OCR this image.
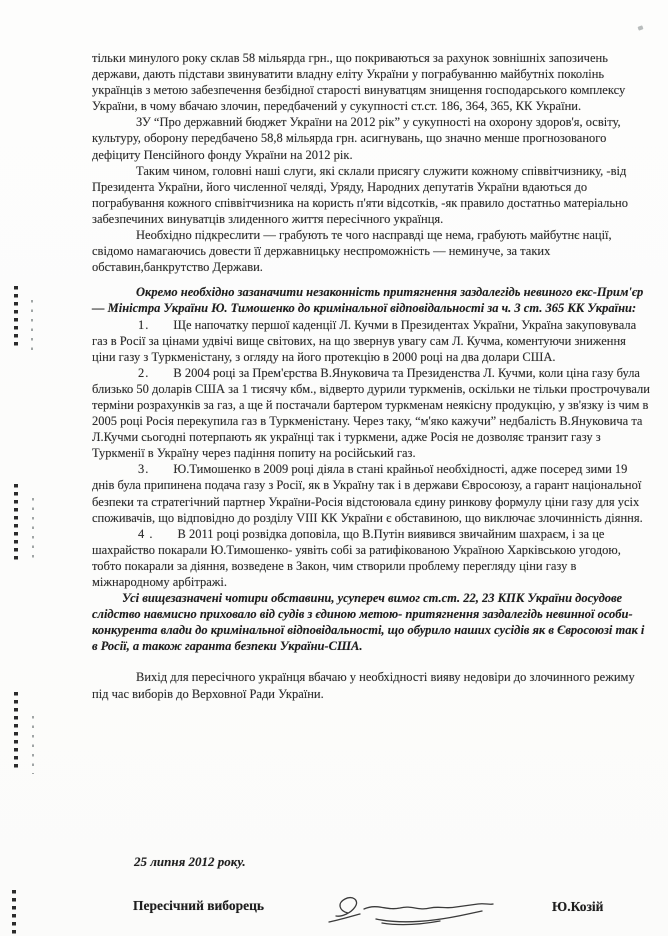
тільки минулого року склав 58 мільярда грн., що покриваються за рахунок зовнішніх запозичень держави, дають підстави звинуватити владну еліту України у пограбуванню майбутніх поколінь українців з метою забезпечення безбідної старості винуватцям знищення господарського комплексу України, в чому вбачаю злочин, передбачений у сукупності ст.ст. 186, 364, 365, КК України.

ЗУ “Про державний бюджет України на 2012 рік” у сукупності на охорону здоров'я, освіту, культуру, оборону передбачено 58,8 мільярда грн. асигнувань, що значно менше прогнозованого дефіциту Пенсійного фонду України на 2012 рік.

Таким чином, головні наші слуги, які склали присягу служити кожному співвітчизнику, -від Президента України, його численної челяді, Уряду, Народних депутатів України вдаються до пограбування кожного співвітчизника на користь п'яти відсотків, -як правило достатньо матеріально забезпечиних винуватців злиденного життя пересічного українця.

Необхідно підкреслити — грабують те чого насправді ще нема, грабують майбутнє нації, свідомо намагаючись довести її державницьку неспроможність — неминуче, за таких обставин,банкрутство Держави.

Окремо необхідно зазаначити незаконність притягнення заздалегідь невиного екс-Прим'єр — Міністра України Ю. Тимошенко до кримінальної відповідальності за ч. 3 ст. 365 КК України:

1. Ще напочатку першої каденції Л. Кучми в Президентах України, Україна закуповувала газ в Росії за цінами удвічі вище світових, на що звернув увагу сам Л. Кучма, коментуючи зниження ціни газу з Туркменістану, з огляду на його протекцію в 2000 році на два долари США.

2. В 2004 році за Прем'єрства В.Януковича та Президенства Л. Кучми, коли ціна газу була близько 50 доларів США за 1 тисячу кбм., відверто дурили туркменів, оскільки не тільки прострочували терміни розрахунків за газ, а ще й постачали бартером туркменам неякісну продукцію, у зв'язку із чим в 2005 році Росія перекупила газ в Туркменістану. Через таку, “м'яко кажучи” недбалість В.Януковича та Л.Кучми сьогодні потерпають як українці так і туркмени, адже Росія не дозволяє транзит газу з Туркменії в Україну через падіння попиту на російський газ.

3. Ю.Тимошенко в 2009 році діяла в стані крайньої необхідності, адже посеред зими 19 днів була припинена подача газу з Росії, як в Україну так і в держави Євросоюзу, а гарант національної безпеки та стратегічний партнер України-Росія відстоювала єдину ринкову формулу ціни газу для усіх споживачів, що відповідно до розділу VIII КК України є обставиною, що виключає злочинність діяння.

4 . В 2011 році розвідка доповіла, що В.Путін виявився звичайним шахраєм, і за це шахрайство покарали Ю.Тимошенко- уявіть собі за ратифікованою Україною Харківською угодою, тобто покарали за діяння, возведене в Закон, чим створили проблему перегляду ціни газу в міжнародному арбітражі.

Усі вищезазначені чотири обставини, усупереч вимог ст.ст. 22, 23 КПК України досудове слідство навмисно приховало від судів з єдиною метою- притягнення заздалегідь невинної особи- конкурента влади до кримінальної відповідальності, що обурило наших сусідів як в Євросоюзі так і в Росії, а також гаранта безпеки України-США.

Вихід для пересічного українця вбачаю у необхідності вияву недовіри до злочинного режиму під час виборів до Верховної Ради України.

25 липня 2012 року.

Пересічний виборець	Ю.Козій
